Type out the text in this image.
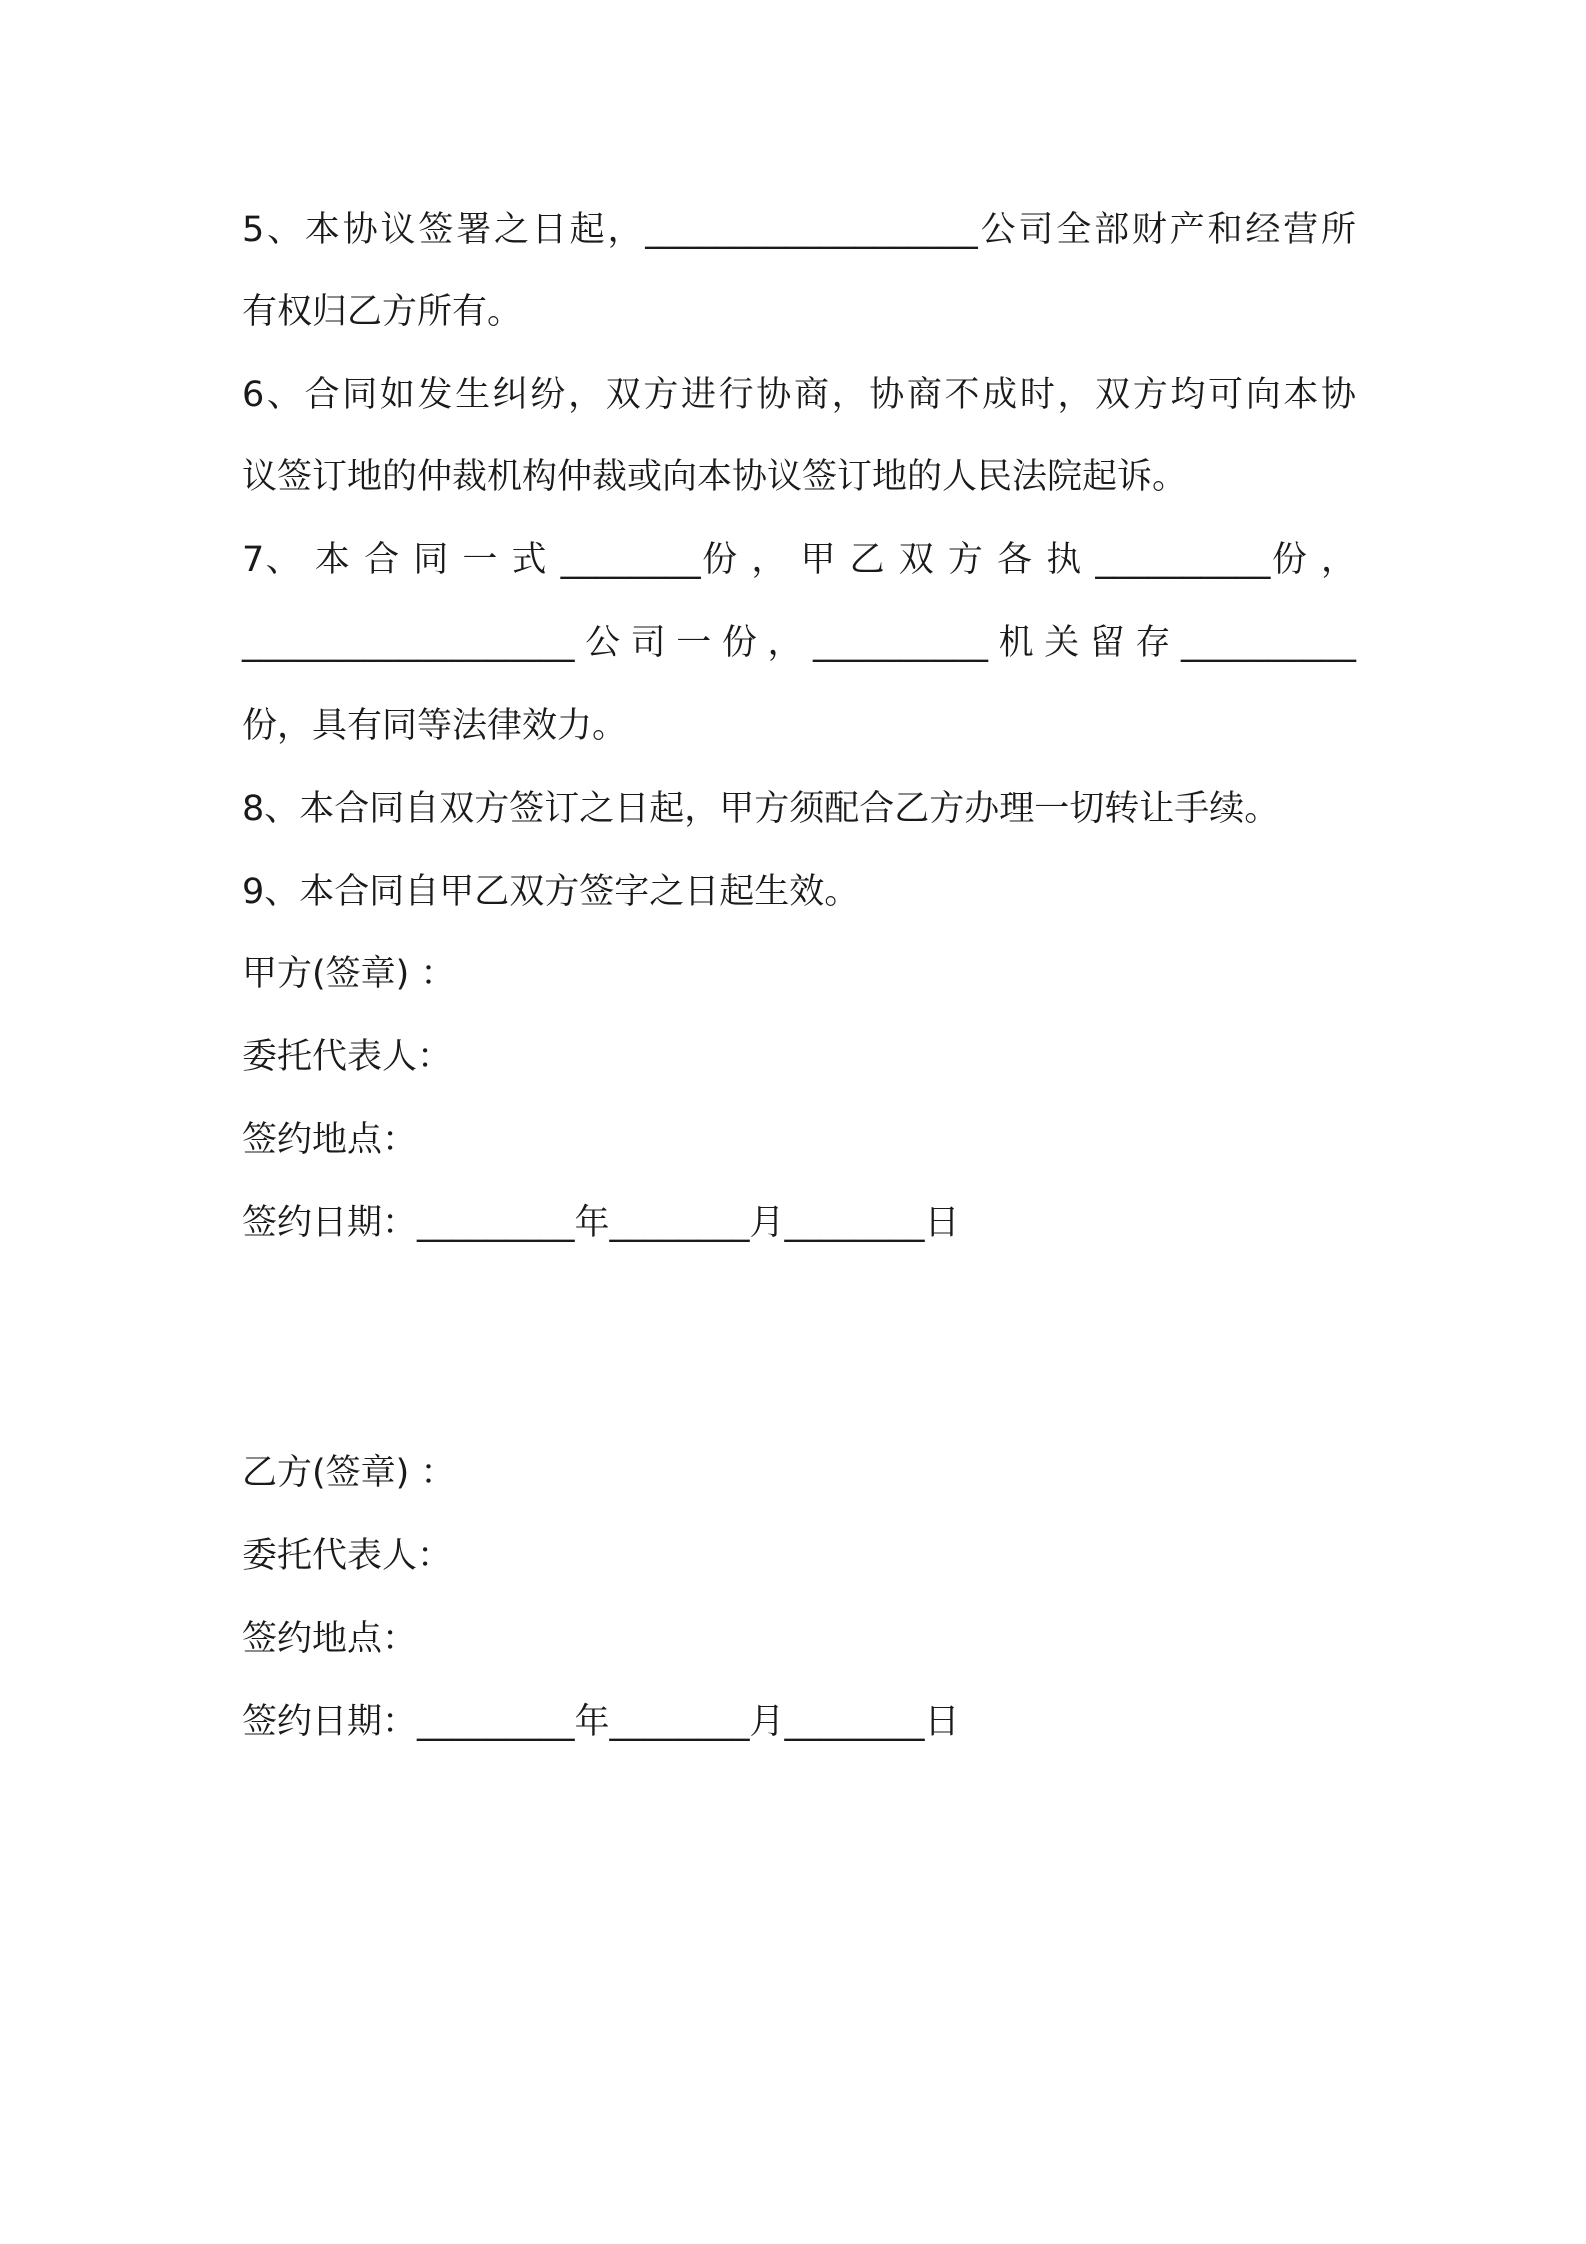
5、本协议签署之日起，___________________公司全部财产和经营所
有权归乙方所有。
6、合同如发生纠纷，双方进行协商，协商不成时，双方均可向本协
议签订地的仲裁机构仲裁或向本协议签订地的人民法院起诉。
7、 本 合 同 一 式 ________份 ， 甲 乙 双 方 各 执 __________份 ，
___________________公司一份，__________机关留存__________
份，具有同等法律效力。
8、本合同自双方签订之日起，甲方须配合乙方办理一切转让手续。
9、本合同自甲乙双方签字之日起生效。
甲方(签章) ：
委托代表人：
签约地点：
签约日期：_________年________月________日
乙方(签章) ：
委托代表人：
签约地点：
签约日期：_________年________月________日
